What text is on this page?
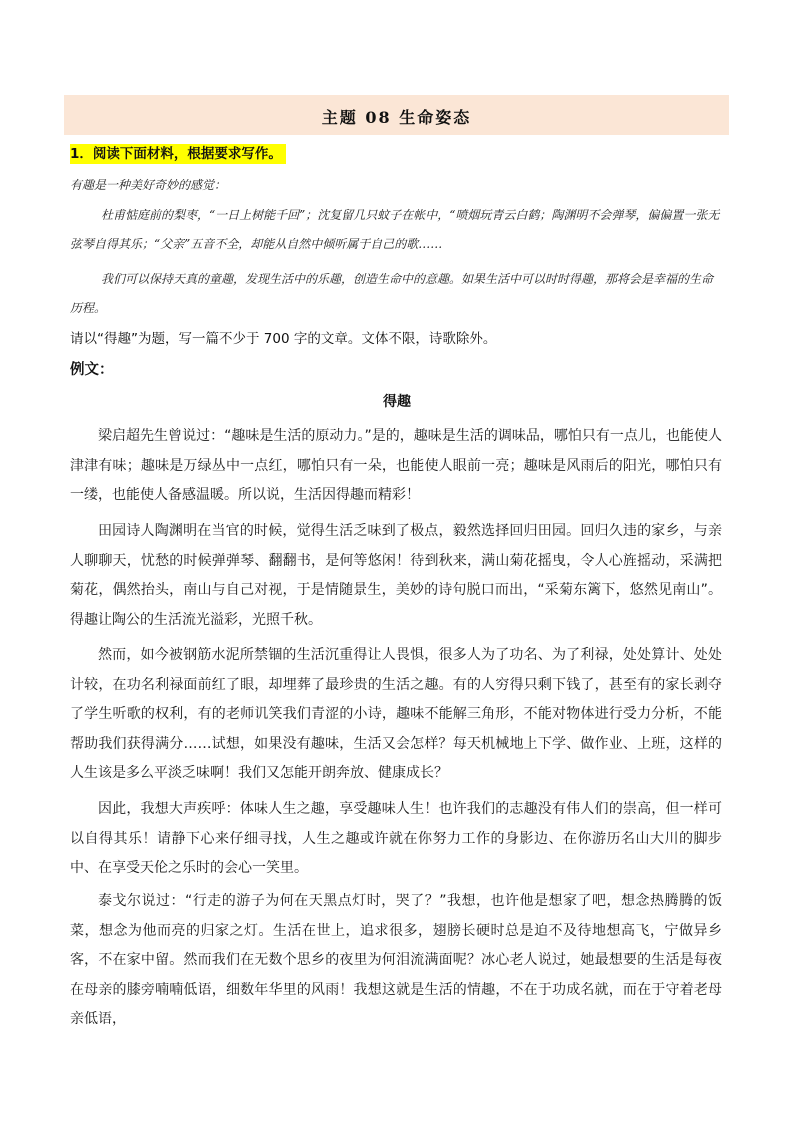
主题 08 生命姿态
1．阅读下面材料，根据要求写作。
有趣是一种美好奇妙的感觉：
杜甫惦庭前的梨枣，“一日上树能千回”；沈复留几只蚊子在帐中，“喷烟玩青云白鹤；陶渊明不会弹琴，偏偏置一张无弦琴自得其乐；“父亲”五音不全，却能从自然中倾听属于自己的歌……
我们可以保持天真的童趣，发现生活中的乐趣，创造生命中的意趣。如果生活中可以时时得趣，那将会是幸福的生命历程。
请以“得趣”为题，写一篇不少于 700 字的文章。文体不限，诗歌除外。
例文：
得趣
梁启超先生曾说过：“趣味是生活的原动力。”是的，趣味是生活的调味品，哪怕只有一点儿，也能使人津津有味；趣味是万绿丛中一点红，哪怕只有一朵，也能使人眼前一亮；趣味是风雨后的阳光，哪怕只有一缕，也能使人备感温暖。所以说，生活因得趣而精彩！
田园诗人陶渊明在当官的时候，觉得生活乏味到了极点，毅然选择回归田园。回归久违的家乡，与亲人聊聊天，忧愁的时候弹弹琴、翻翻书，是何等悠闲！待到秋来，满山菊花摇曳，令人心旌摇动，采满把菊花，偶然抬头，南山与自己对视，于是情随景生，美妙的诗句脱口而出，“采菊东篱下，悠然见南山”。得趣让陶公的生活流光溢彩，光照千秋。
然而，如今被钢筋水泥所禁锢的生活沉重得让人畏惧，很多人为了功名、为了利禄，处处算计、处处计较，在功名利禄面前红了眼，却埋葬了最珍贵的生活之趣。有的人穷得只剩下钱了，甚至有的家长剥夺了学生听歌的权利，有的老师讥笑我们青涩的小诗，趣味不能解三角形，不能对物体进行受力分析，不能帮助我们获得满分……试想，如果没有趣味，生活又会怎样？每天机械地上下学、做作业、上班，这样的人生该是多么平淡乏味啊！我们又怎能开朗奔放、健康成长？
因此，我想大声疾呼：体味人生之趣，享受趣味人生！也许我们的志趣没有伟人们的崇高，但一样可以自得其乐！请静下心来仔细寻找，人生之趣或许就在你努力工作的身影边、在你游历名山大川的脚步中、在享受天伦之乐时的会心一笑里。
泰戈尔说过：“行走的游子为何在天黑点灯时，哭了？”我想，也许他是想家了吧，想念热腾腾的饭菜，想念为他而亮的归家之灯。生活在世上，追求很多，翅膀长硬时总是迫不及待地想高飞，宁做异乡客，不在家中留。然而我们在无数个思乡的夜里为何泪流满面呢？冰心老人说过，她最想要的生活是每夜在母亲的膝旁喃喃低语，细数年华里的风雨！我想这就是生活的情趣，不在于功成名就，而在于守着老母亲低语，
